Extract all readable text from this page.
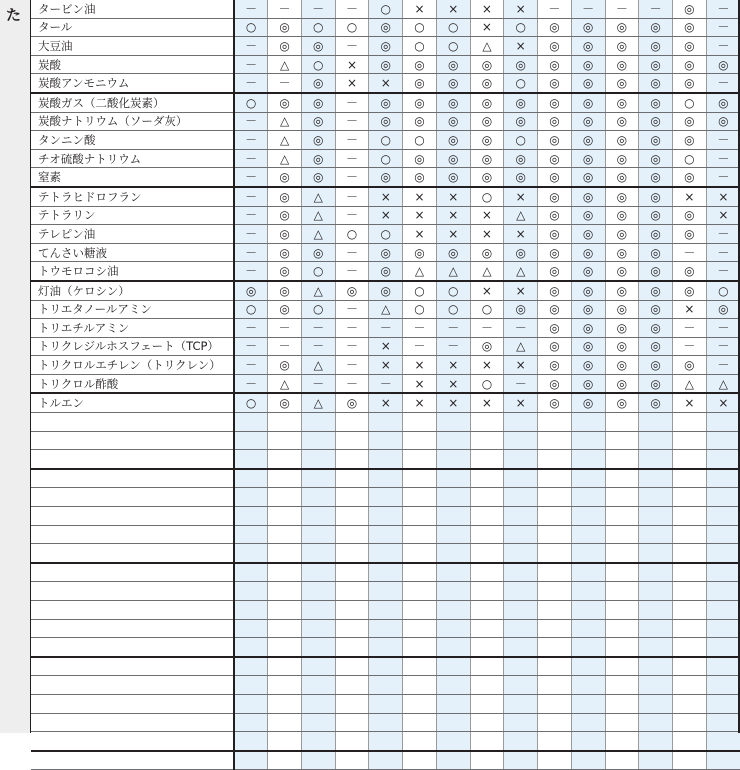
た タービン油	－	－	－	－	○	×	×	×	×	－	－	－	－	◎	－
タール	○	◎	○	○	◎	○	○	×	○	◎	◎	◎	◎	◎	－
大豆油	－	◎	◎	－	◎	○	○	△	×	◎	◎	◎	◎	◎	－
炭酸	－	△	○	×	◎	◎	◎	◎	◎	◎	◎	◎	◎	◎	◎
炭酸アンモニウム	－	－	◎	×	×	◎	◎	◎	○	◎	◎	◎	◎	◎	－
炭酸ガス（二酸化炭素）	○	◎	◎	－	◎	◎	◎	◎	◎	◎	◎	◎	◎	○	◎
炭酸ナトリウム（ソーダ灰）	－	△	◎	－	◎	◎	◎	◎	◎	◎	◎	◎	◎	◎	◎
タンニン酸	－	△	◎	－	○	○	◎	◎	○	◎	◎	◎	◎	◎	－
チオ硫酸ナトリウム	－	△	◎	－	○	◎	◎	◎	◎	◎	◎	◎	◎	○	－
窒素	－	◎	◎	－	◎	◎	◎	◎	◎	◎	◎	◎	◎	◎	－
テトラヒドロフラン	－	◎	△	－	×	×	×	○	×	◎	◎	◎	◎	×	×
テトラリン	－	◎	△	－	×	×	×	×	△	◎	◎	◎	◎	◎	×
テレピン油	－	◎	△	○	○	×	×	×	×	◎	◎	◎	◎	◎	－
てんさい糖液	－	◎	◎	－	◎	◎	◎	◎	◎	◎	◎	◎	◎	－	－
トウモロコシ油	－	◎	○	－	◎	△	△	△	△	◎	◎	◎	◎	◎	－
灯油（ケロシン）	◎	◎	△	◎	◎	○	○	×	×	◎	◎	◎	◎	◎	○
トリエタノールアミン	○	◎	○	－	△	○	○	○	◎	◎	◎	◎	◎	×	◎
トリエチルアミン	－	－	－	－	－	－	－	－	－	◎	◎	◎	◎	－	－
トリクレジルホスフェート（TCP）	－	－	－	－	×	－	－	◎	△	◎	◎	◎	◎	－	－
トリクロルエチレン（トリクレン）	－	◎	△	－	×	×	×	×	×	◎	◎	◎	◎	◎	－
トリクロル酢酸	－	△	－	－	－	×	×	○	－	◎	◎	◎	◎	△	△
トルエン	○	◎	△	◎	×	×	×	×	×	◎	◎	◎	◎	×	×
